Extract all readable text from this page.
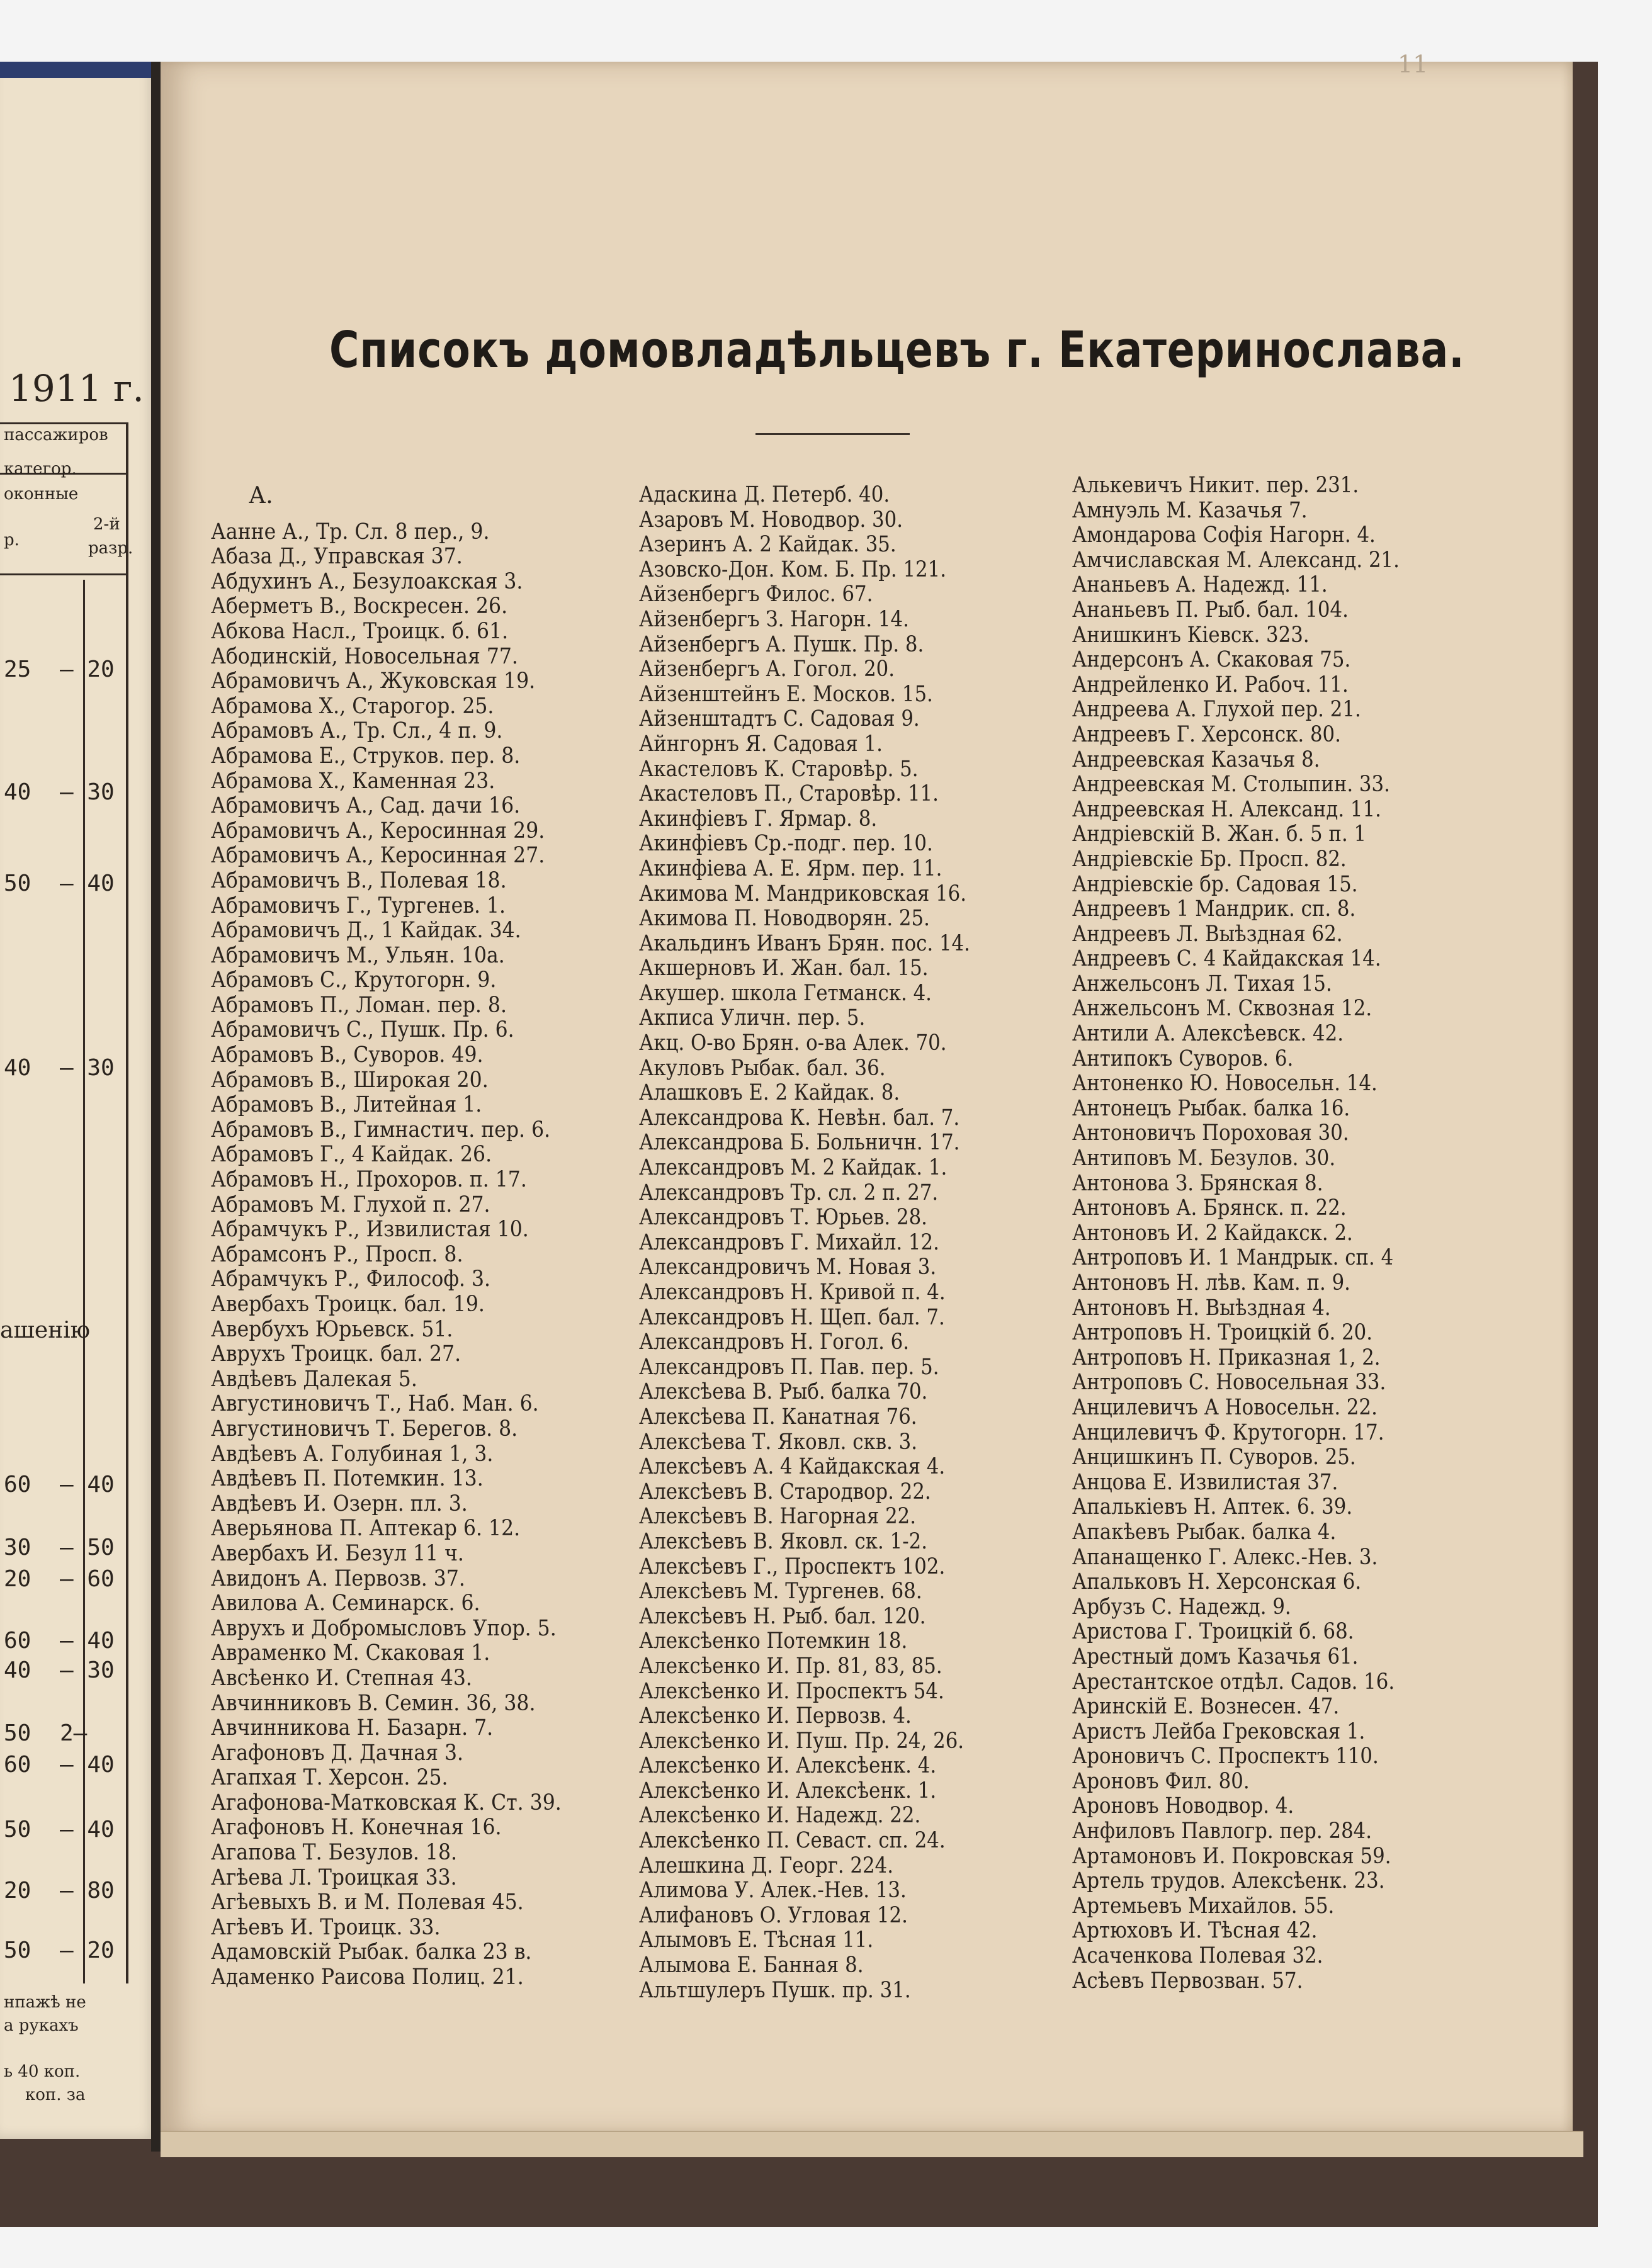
1911 г.
пассажиров
категор.
оконные
р.
2-й
разр.
25 — 20
40 — 30
50 — 40
40 — 30
ашенію
60 — 40
30 — 50
20 — 60
60 — 40
40 — 30
50 2—
60 — 40
50 — 40
20 — 80
50 — 20
нпажѣ не
а рукахъ
ь 40 коп.
коп. за
11
Списокъ домовладѣльцевъ г. Екатеринослава.
А.
Аанне А., Тр. Сл. 8 пер., 9.
Абаза Д., Управская 37.
Абдухинъ А., Безулоакская 3.
Аберметъ В., Воскресен. 26.
Абкова Насл., Троицк. б. 61.
Абодинскій, Новосельная 77.
Абрамовичъ А., Жуковская 19.
Абрамова Х., Старогор. 25.
Абрамовъ А., Тр. Сл., 4 п. 9.
Абрамова Е., Струков. пер. 8.
Абрамова Х., Каменная 23.
Абрамовичъ А., Сад. дачи 16.
Абрамовичъ А., Керосинная 29.
Абрамовичъ А., Керосинная 27.
Абрамовичъ В., Полевая 18.
Абрамовичъ Г., Тургенев. 1.
Абрамовичъ Д., 1 Кайдак. 34.
Абрамовичъ М., Ульян. 10а.
Абрамовъ С., Крутогорн. 9.
Абрамовъ П., Ломан. пер. 8.
Абрамовичъ С., Пушк. Пр. 6.
Абрамовъ В., Суворов. 49.
Абрамовъ В., Широкая 20.
Абрамовъ В., Литейная 1.
Абрамовъ В., Гимнастич. пер. 6.
Абрамовъ Г., 4 Кайдак. 26.
Абрамовъ Н., Прохоров. п. 17.
Абрамовъ М. Глухой п. 27.
Абрамчукъ Р., Извилистая 10.
Абрамсонъ Р., Просп. 8.
Абрамчукъ Р., Философ. 3.
Авербахъ Троицк. бал. 19.
Авербухъ Юрьевск. 51.
Авруxъ Троицк. бал. 27.
Авдѣевъ Далекая 5.
Августиновичъ Т., Наб. Ман. 6.
Августиновичъ Т. Берегов. 8.
Авдѣевъ А. Голубиная 1, 3.
Авдѣевъ П. Потемкин. 13.
Авдѣевъ И. Озерн. пл. 3.
Аверьянова П. Аптекар 6. 12.
Авербахъ И. Безул 11 ч.
Авидонъ А. Первозв. 37.
Авилова А. Семинарск. 6.
Авруxъ и Добромысловъ Упор. 5.
Авраменко М. Скаковая 1.
Авсѣенко И. Степная 43.
Авчинниковъ В. Семин. 36, 38.
Авчинникова Н. Базарн. 7.
Агафоновъ Д. Дачная 3.
Агапхая Т. Херсон. 25.
Агафонова-Матковская К. Ст. 39.
Агафоновъ Н. Конечная 16.
Агапова Т. Безулов. 18.
Агѣева Л. Троицкая 33.
Агѣевыхъ В. и М. Полевая 45.
Агѣевъ И. Троицк. 33.
Адамовскій Рыбак. балка 23 в.
Адаменко Раисова Полиц. 21.
Адаскина Д. Петерб. 40.
Азаровъ М. Новодвор. 30.
Азеринъ А. 2 Кайдак. 35.
Азовско-Дон. Ком. Б. Пр. 121.
Айзенбергъ Филос. 67.
Айзенбергъ З. Нагорн. 14.
Айзенбергъ А. Пушк. Пр. 8.
Айзенбергъ А. Гогол. 20.
Айзенштейнъ Е. Москов. 15.
Айзенштадтъ С. Садовая 9.
Айнгорнъ Я. Садовая 1.
Акастеловъ К. Старовѣр. 5.
Акастеловъ П., Старовѣр. 11.
Акинфіевъ Г. Ярмар. 8.
Акинфіевъ Ср.-подг. пер. 10.
Акинфіева А. Е. Ярм. пер. 11.
Акимова М. Мандриковская 16.
Акимова П. Новодворян. 25.
Акальдинъ Иванъ Брян. пос. 14.
Акшерновъ И. Жан. бал. 15.
Акушер. школа Гетманск. 4.
Акписа Уличн. пер. 5.
Акц. О-во Брян. о-ва Алек. 70.
Акуловъ Рыбак. бал. 36.
Алашковъ Е. 2 Кайдак. 8.
Александрова К. Невѣн. бал. 7.
Александрова Б. Больничн. 17.
Александровъ М. 2 Кайдак. 1.
Александровъ Тр. сл. 2 п. 27.
Александровъ Т. Юрьев. 28.
Александровъ Г. Михайл. 12.
Александровичъ М. Новая 3.
Александровъ Н. Кривой п. 4.
Александровъ Н. Щеп. бал. 7.
Александровъ Н. Гогол. 6.
Александровъ П. Пав. пер. 5.
Алексѣева В. Рыб. балка 70.
Алексѣева П. Канатная 76.
Алексѣева Т. Яковл. скв. 3.
Алексѣевъ А. 4 Кайдакская 4.
Алексѣевъ В. Стародвор. 22.
Алексѣевъ В. Нагорная 22.
Алексѣевъ В. Яковл. ск. 1-2.
Алексѣевъ Г., Проспектъ 102.
Алексѣевъ М. Тургенев. 68.
Алексѣевъ Н. Рыб. бал. 120.
Алексѣенко Потемкин 18.
Алексѣенко И. Пр. 81, 83, 85.
Алексѣенко И. Проспектъ 54.
Алексѣенко И. Первозв. 4.
Алексѣенко И. Пуш. Пр. 24, 26.
Алексѣенко И. Алексѣенк. 4.
Алексѣенко И. Алексѣенк. 1.
Алексѣенко И. Надежд. 22.
Алексѣенко П. Севаст. сп. 24.
Алешкина Д. Георг. 224.
Алимова У. Алек.-Нев. 13.
Алифановъ О. Угловая 12.
Алымовъ Е. Тѣсная 11.
Алымова Е. Банная 8.
Альтшулеръ Пушк. пр. 31.
Алькевичъ Никит. пер. 231.
Амнуэль М. Казачья 7.
Амондарова Софія Нагорн. 4.
Амчиславская М. Александ. 21.
Ананьевъ А. Надежд. 11.
Ананьевъ П. Рыб. бал. 104.
Анишкинъ Кіевск. 323.
Андерсонъ А. Скаковая 75.
Андрейленко И. Рабоч. 11.
Андреева А. Глухой пер. 21.
Андреевъ Г. Херсонск. 80.
Андреевская Казачья 8.
Андреевская М. Столыпин. 33.
Андреевская Н. Александ. 11.
Андріевскій В. Жан. б. 5 п. 1
Андріевскіе Бр. Просп. 82.
Андріевскіе бр. Садовая 15.
Андреевъ 1 Мандрик. сп. 8.
Андреевъ Л. Выѣздная 62.
Андреевъ С. 4 Кайдакская 14.
Анжельсонъ Л. Тихая 15.
Анжельсонъ М. Сквозная 12.
Антили А. Алексѣевск. 42.
Антипокъ Суворов. 6.
Антоненко Ю. Новосельн. 14.
Антонецъ Рыбак. балка 16.
Антоновичъ Пороховая 30.
Антиповъ М. Безулов. 30.
Антонова З. Брянская 8.
Антоновъ А. Брянск. п. 22.
Антоновъ И. 2 Кайдакск. 2.
Антроповъ И. 1 Мандрык. сп. 4
Антоновъ Н. лѣв. Кам. п. 9.
Антоновъ Н. Выѣздная 4.
Антроповъ Н. Троицкій б. 20.
Антроповъ Н. Приказная 1, 2.
Антроповъ С. Новосельная 33.
Анцилевичъ А Новосельн. 22.
Анцилевичъ Ф. Крутогорн. 17.
Анцишкинъ П. Суворов. 25.
Анцова Е. Извилистая 37.
Апалькіевъ Н. Аптек. 6. 39.
Апакѣевъ Рыбак. балка 4.
Апанащенко Г. Алекс.-Нев. 3.
Апальковъ Н. Херсонская 6.
Арбузъ С. Надежд. 9.
Аристова Г. Троицкій б. 68.
Арестный домъ Казачья 61.
Арестантское отдѣл. Садов. 16.
Аринскій Е. Вознесен. 47.
Аристъ Лейба Грековская 1.
Ароновичъ С. Проспектъ 110.
Ароновъ Фил. 80.
Ароновъ Новодвор. 4.
Анфиловъ Павлогр. пер. 284.
Артамоновъ И. Покровская 59.
Артель трудов. Алексѣенк. 23.
Артемьевъ Михайлов. 55.
Артюховъ И. Тѣсная 42.
Асаченкова Полевая 32.
Асѣевъ Первозван. 57.
